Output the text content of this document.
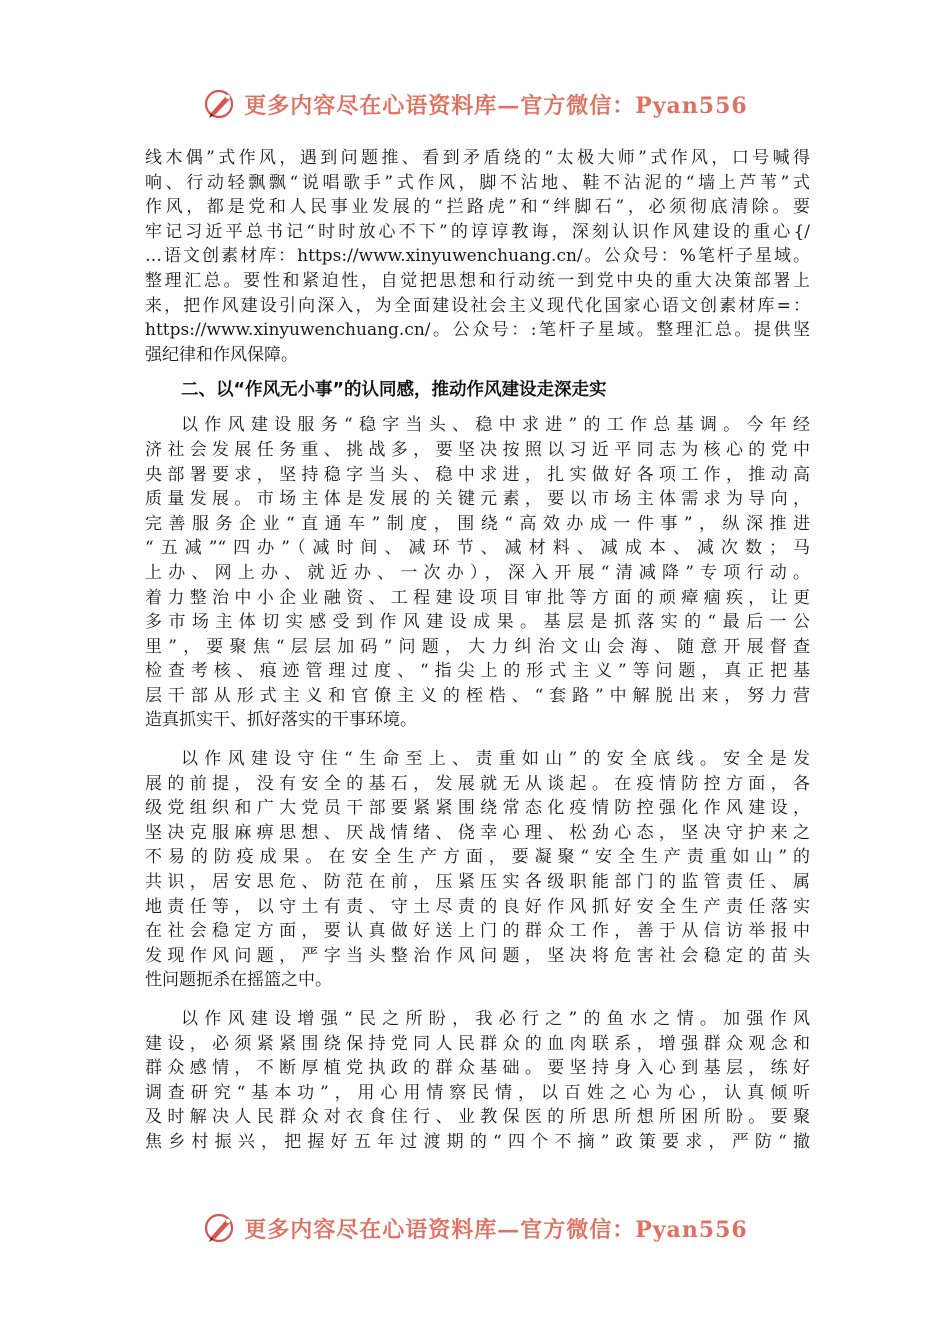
更多内容尽在心语资料库—官方微信：Pyan556
线木偶”式作风，遇到问题推、看到矛盾绕的“太极大师”式作风，口号喊得
响、行动轻飘飘“说唱歌手”式作风，脚不沾地、鞋不沾泥的“墙上芦苇”式
作风，都是党和人民事业发展的“拦路虎”和“绊脚石”，必须彻底清除。要
牢记习近平总书记“时时放心不下”的谆谆教诲，深刻认识作风建设的重心{/
…语文创素材库：https://www.xinyuwenchuang.cn/。公众号：%笔杆子星域。
整理汇总。要性和紧迫性，自觉把思想和行动统一到党中央的重大决策部署上
来，把作风建设引向深入，为全面建设社会主义现代化国家心语文创素材库=：
https://www.xinyuwenchuang.cn/。公众号：:笔杆子星域。整理汇总。提供坚
强纪律和作风保障。
二、以“作风无小事”的认同感，推动作风建设走深走实
以作风建设服务“稳字当头、稳中求进”的工作总基调。今年经
济社会发展任务重、挑战多，要坚决按照以习近平同志为核心的党中
央部署要求，坚持稳字当头、稳中求进，扎实做好各项工作，推动高
质量发展。市场主体是发展的关键元素，要以市场主体需求为导向，
完善服务企业“直通车”制度，围绕“高效办成一件事”，纵深推进
“五减”“四办”（减时间、减环节、减材料、减成本、减次数；马
上办、网上办、就近办、一次办），深入开展“清减降”专项行动。
着力整治中小企业融资、工程建设项目审批等方面的顽瘴痼疾，让更
多市场主体切实感受到作风建设成果。基层是抓落实的“最后一公
里”，要聚焦“层层加码”问题，大力纠治文山会海、随意开展督查
检查考核、痕迹管理过度、“指尖上的形式主义”等问题，真正把基
层干部从形式主义和官僚主义的桎梏、“套路”中解脱出来，努力营
造真抓实干、抓好落实的干事环境。
以作风建设守住“生命至上、责重如山”的安全底线。安全是发
展的前提，没有安全的基石，发展就无从谈起。在疫情防控方面，各
级党组织和广大党员干部要紧紧围绕常态化疫情防控强化作风建设，
坚决克服麻痹思想、厌战情绪、侥幸心理、松劲心态，坚决守护来之
不易的防疫成果。在安全生产方面，要凝聚“安全生产责重如山”的
共识，居安思危、防范在前，压紧压实各级职能部门的监管责任、属
地责任等，以守土有责、守土尽责的良好作风抓好安全生产责任落实
在社会稳定方面，要认真做好送上门的群众工作，善于从信访举报中
发现作风问题，严字当头整治作风问题，坚决将危害社会稳定的苗头
性问题扼杀在摇篮之中。
以作风建设增强“民之所盼，我必行之”的鱼水之情。加强作风
建设，必须紧紧围绕保持党同人民群众的血肉联系，增强群众观念和
群众感情，不断厚植党执政的群众基础。要坚持身入心到基层，练好
调查研究“基本功”，用心用情察民情，以百姓之心为心，认真倾听
及时解决人民群众对衣食住行、业教保医的所思所想所困所盼。要聚
焦乡村振兴，把握好五年过渡期的“四个不摘”政策要求，严防“撤
更多内容尽在心语资料库—官方微信：Pyan556
